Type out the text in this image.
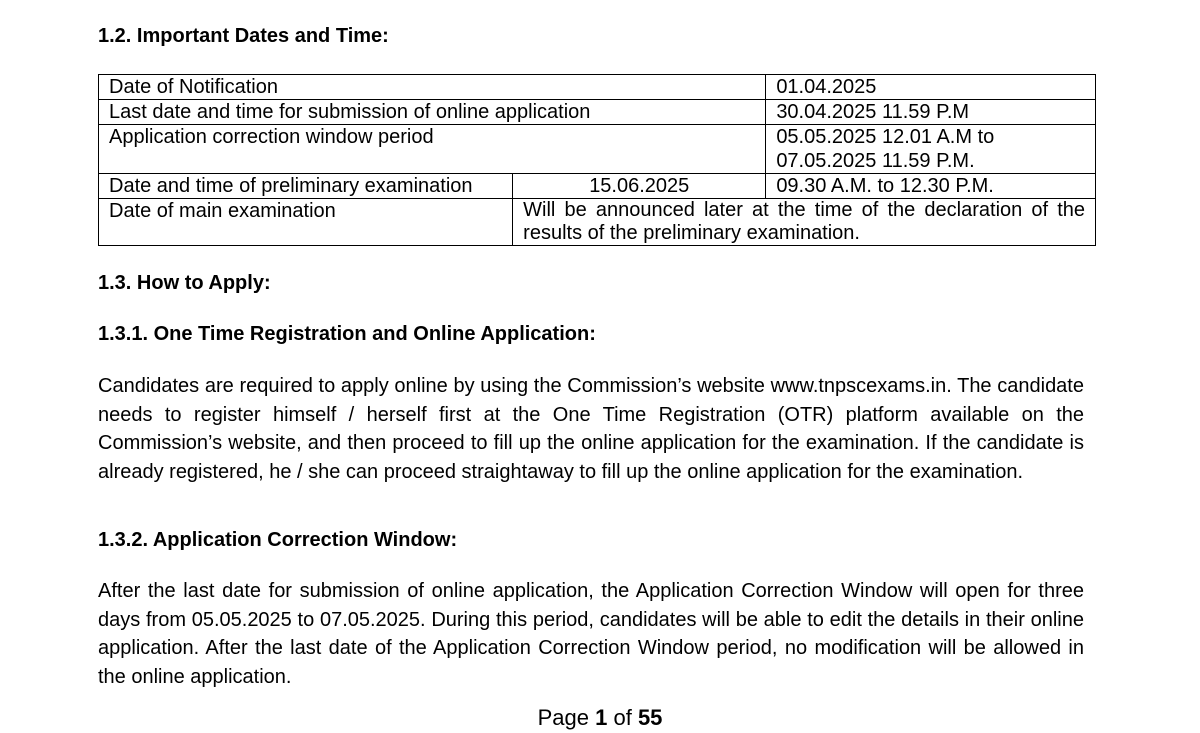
1.2. Important Dates and Time:
Date of Notification		01.04.2025
Last date and time for submission of online application		30.04.2025 11.59 P.M
Application correction window period		05.05.2025 12.01 A.M to
07.05.2025 11.59 P.M.

Date and time of preliminary examination	15.06.2025	09.30 A.M. to 12.30 P.M.
Date of main examination	Will be announced later at the time of the declaration of the results of the preliminary examination.	
1.3. How to Apply:
1.3.1. One Time Registration and Online Application:

Candidates are required to apply online by using the Commission’s website www.tnpscexams.in. The candidate needs to register himself / herself first at the One Time Registration (OTR) platform available on the Commission’s website, and then proceed to fill up the online application for the examination. If the candidate is already registered, he / she can proceed straightaway to fill up the online application for the examination.

1.3.2. Application Correction Window:

After the last date for submission of online application, the Application Correction Window will open for three days from 05.05.2025 to 07.05.2025. During this period, candidates will be able to edit the details in their online application. After the last date of the Application Correction Window period, no modification will be allowed in the online application.

Page 1 of 55
